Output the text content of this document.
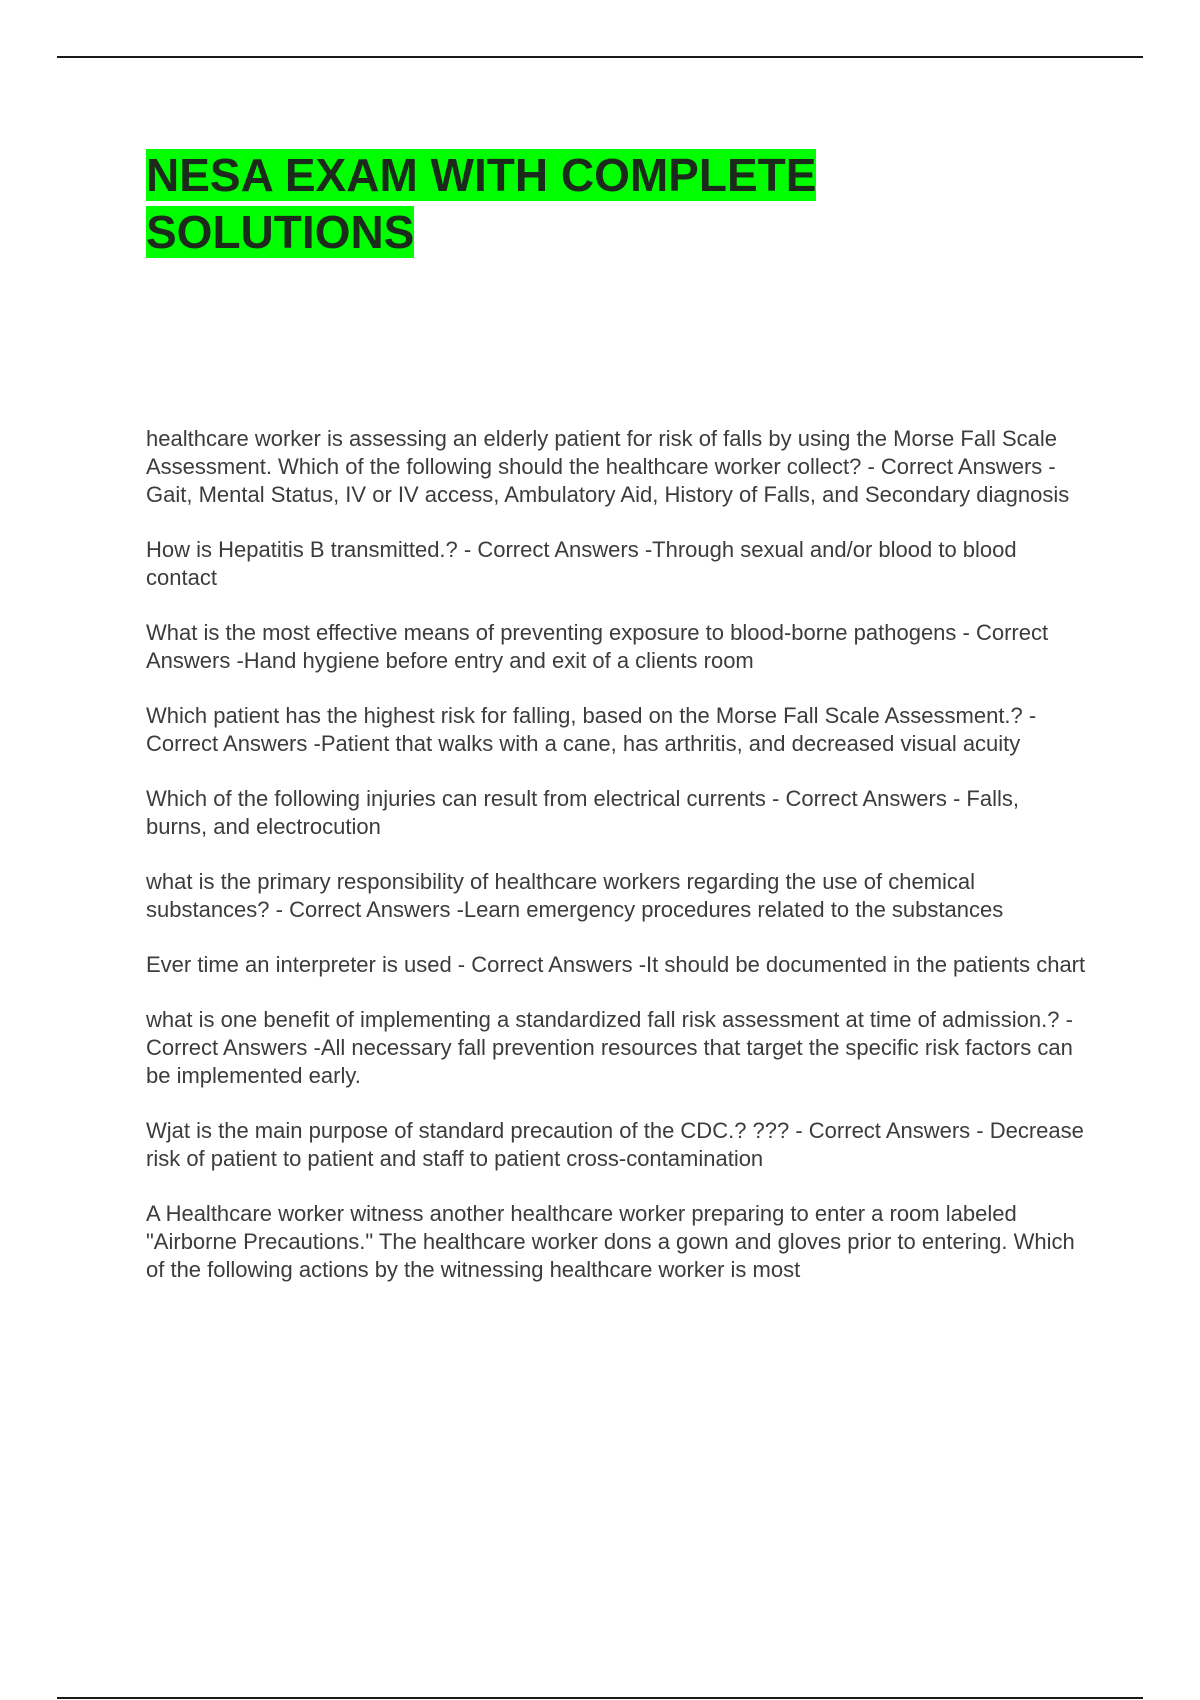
NESA EXAM WITH COMPLETE SOLUTIONS

healthcare worker is assessing an elderly patient for risk of falls by using the Morse Fall Scale Assessment. Which of the following should the healthcare worker collect? - Correct Answers -Gait, Mental Status, IV or IV access, Ambulatory Aid, History of Falls, and Secondary diagnosis

How is Hepatitis B transmitted.? - Correct Answers -Through sexual and/or blood to blood contact

What is the most effective means of preventing exposure to blood-borne pathogens - Correct Answers -Hand hygiene before entry and exit of a clients room

Which patient has the highest risk for falling, based on the Morse Fall Scale Assessment.? - Correct Answers -Patient that walks with a cane, has arthritis, and decreased visual acuity

Which of the following injuries can result from electrical currents - Correct Answers - Falls, burns, and electrocution

what is the primary responsibility of healthcare workers regarding the use of chemical substances? - Correct Answers -Learn emergency procedures related to the substances

Ever time an interpreter is used - Correct Answers -It should be documented in the patients chart

what is one benefit of implementing a standardized fall risk assessment at time of admission.? - Correct Answers -All necessary fall prevention resources that target the specific risk factors can be implemented early.

Wjat is the main purpose of standard precaution of the CDC.? ??? - Correct Answers - Decrease risk of patient to patient and staff to patient cross-contamination

A Healthcare worker witness another healthcare worker preparing to enter a room labeled "Airborne Precautions." The healthcare worker dons a gown and gloves prior to entering. Which of the following actions by the witnessing healthcare worker is most
